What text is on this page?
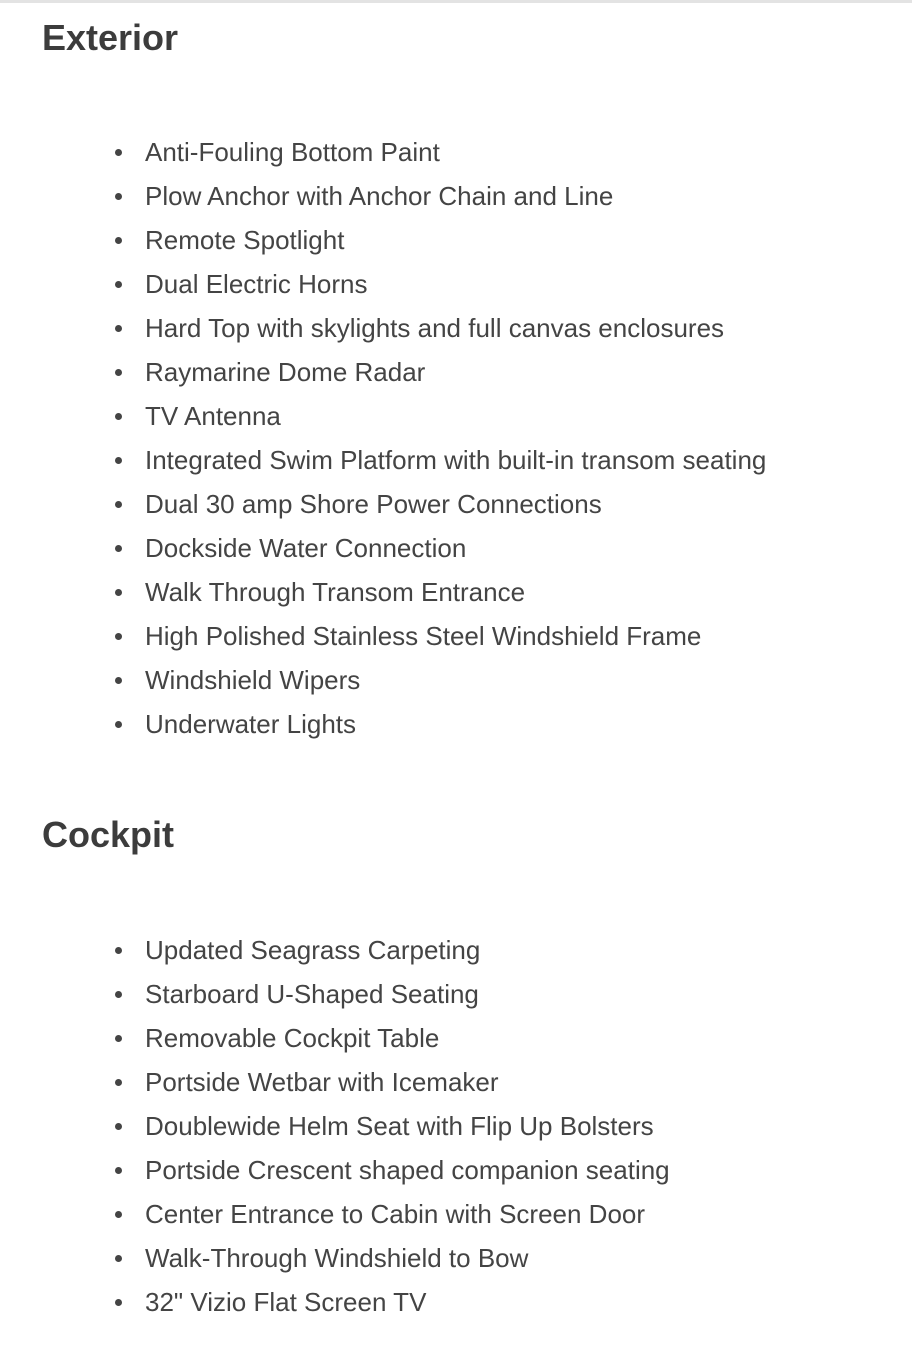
Exterior
Anti-Fouling Bottom Paint
Plow Anchor with Anchor Chain and Line
Remote Spotlight
Dual Electric Horns
Hard Top with skylights and full canvas enclosures
Raymarine Dome Radar
TV Antenna
Integrated Swim Platform with built-in transom seating
Dual 30 amp Shore Power Connections
Dockside Water Connection
Walk Through Transom Entrance
High Polished Stainless Steel Windshield Frame
Windshield Wipers
Underwater Lights
Cockpit
Updated Seagrass Carpeting
Starboard U-Shaped Seating
Removable Cockpit Table
Portside Wetbar with Icemaker
Doublewide Helm Seat with Flip Up Bolsters
Portside Crescent shaped companion seating
Center Entrance to Cabin with Screen Door
Walk-Through Windshield to Bow
32" Vizio Flat Screen TV
